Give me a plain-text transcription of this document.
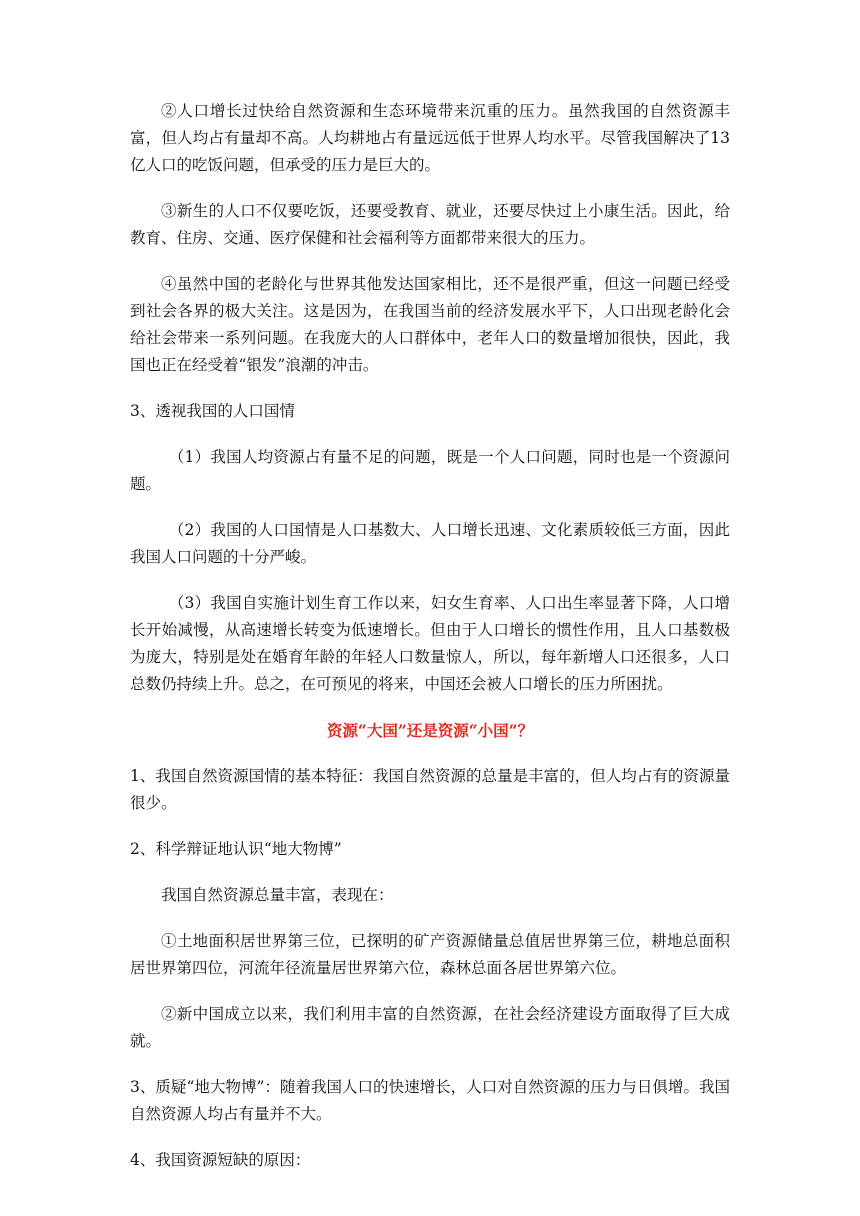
②人口增长过快给自然资源和生态环境带来沉重的压力。虽然我国的自然资源丰富，但人均占有量却不高。人均耕地占有量远远低于世界人均水平。尽管我国解决了13亿人口的吃饭问题，但承受的压力是巨大的。

③新生的人口不仅要吃饭，还要受教育、就业，还要尽快过上小康生活。因此，给教育、住房、交通、医疗保健和社会福利等方面都带来很大的压力。

④虽然中国的老龄化与世界其他发达国家相比，还不是很严重，但这一问题已经受到社会各界的极大关注。这是因为，在我国当前的经济发展水平下，人口出现老龄化会给社会带来一系列问题。在我庞大的人口群体中，老年人口的数量增加很快，因此，我国也正在经受着“银发”浪潮的冲击。

3、透视我国的人口国情

（1）我国人均资源占有量不足的问题，既是一个人口问题，同时也是一个资源问题。

（2）我国的人口国情是人口基数大、人口增长迅速、文化素质较低三方面，因此我国人口问题的十分严峻。

（3）我国自实施计划生育工作以来，妇女生育率、人口出生率显著下降，人口增长开始减慢，从高速增长转变为低速增长。但由于人口增长的惯性作用，且人口基数极为庞大，特别是处在婚育年龄的年轻人口数量惊人，所以，每年新增人口还很多，人口总数仍持续上升。总之，在可预见的将来，中国还会被人口增长的压力所困扰。

资源“大国”还是资源“小国”？

1、我国自然资源国情的基本特征：我国自然资源的总量是丰富的，但人均占有的资源量很少。

2、科学辩证地认识“地大物博”

我国自然资源总量丰富，表现在：

①土地面积居世界第三位，已探明的矿产资源储量总值居世界第三位，耕地总面积居世界第四位，河流年径流量居世界第六位，森林总面各居世界第六位。

②新中国成立以来，我们利用丰富的自然资源，在社会经济建设方面取得了巨大成就。

3、质疑“地大物博”：随着我国人口的快速增长，人口对自然资源的压力与日俱增。我国自然资源人均占有量并不大。

4、我国资源短缺的原因：
